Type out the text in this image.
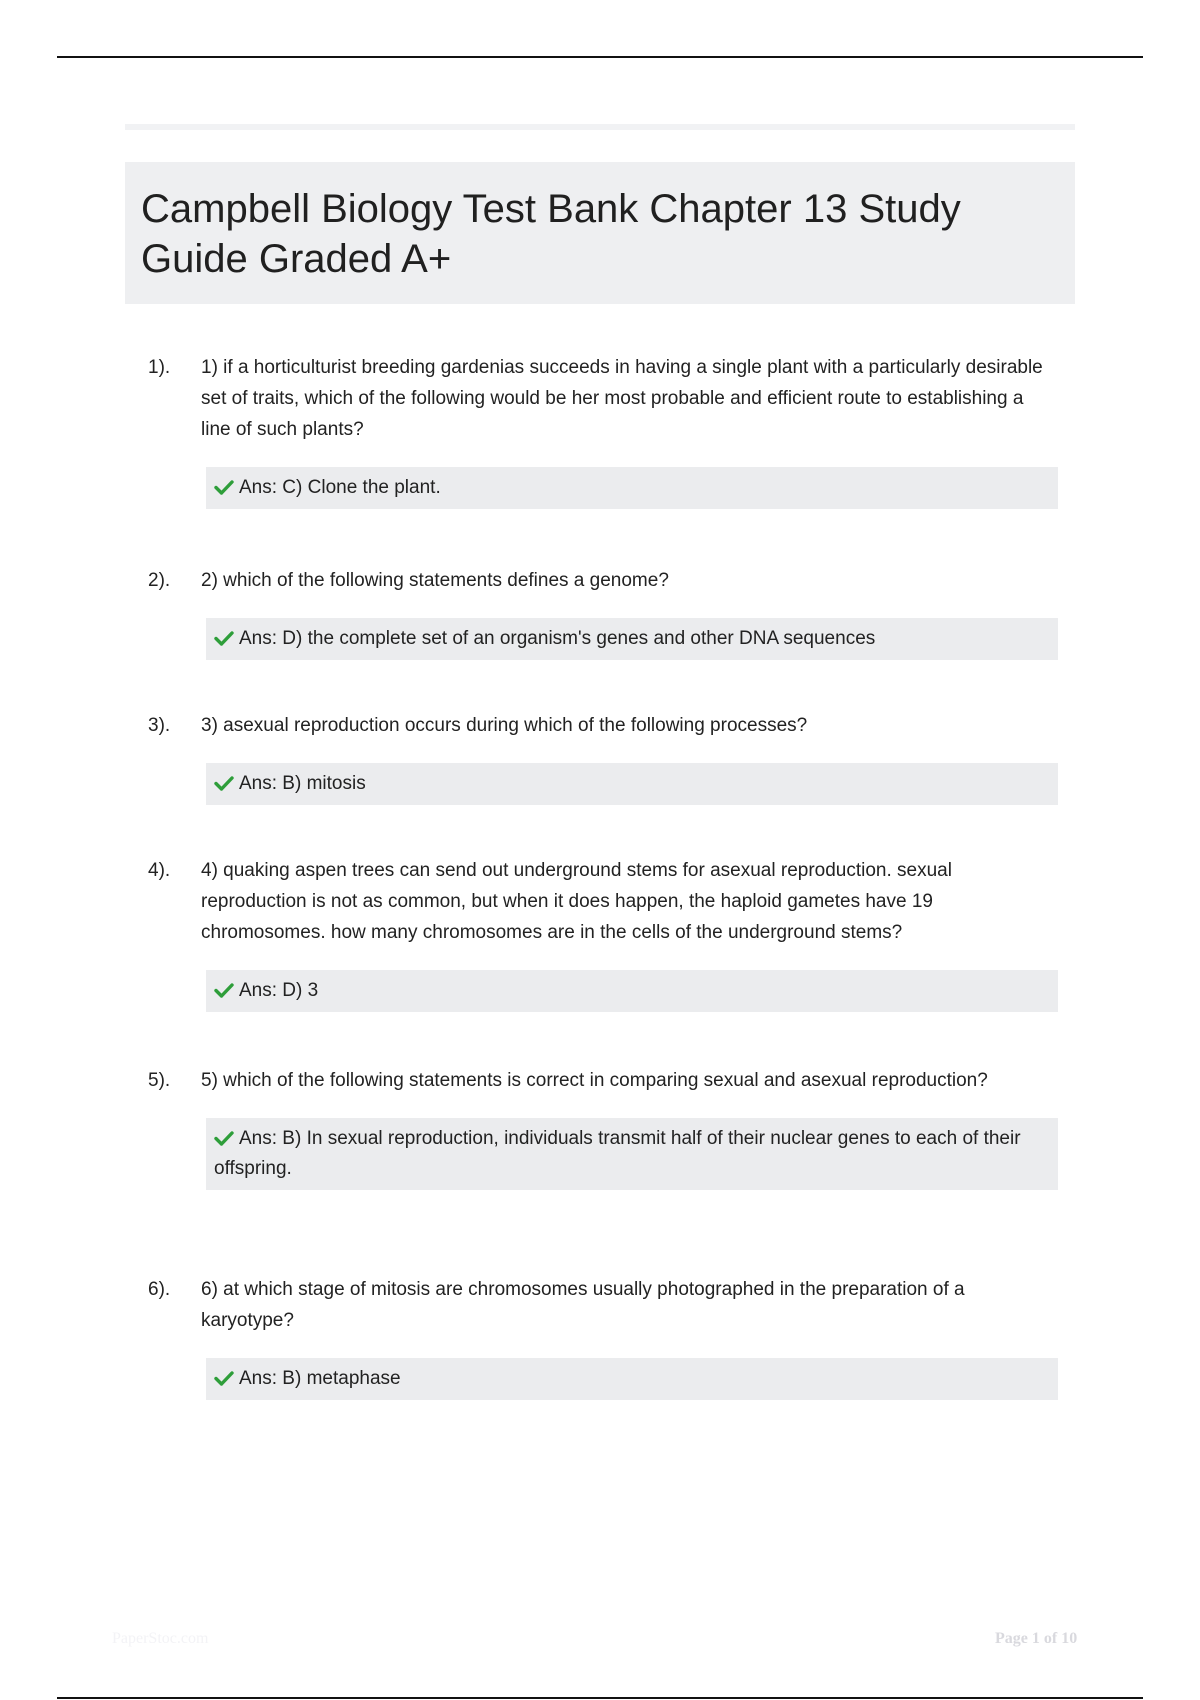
Campbell Biology Test Bank Chapter 13 Study Guide Graded A+
1). 1) if a horticulturist breeding gardenias succeeds in having a single plant with a particularly desirable set of traits, which of the following would be her most probable and efficient route to establishing a line of such plants?
Ans: C) Clone the plant.
2). 2) which of the following statements defines a genome?
Ans: D) the complete set of an organism's genes and other DNA sequences
3). 3) asexual reproduction occurs during which of the following processes?
Ans: B) mitosis
4). 4) quaking aspen trees can send out underground stems for asexual reproduction. sexual reproduction is not as common, but when it does happen, the haploid gametes have 19 chromosomes. how many chromosomes are in the cells of the underground stems?
Ans: D) 3
5). 5) which of the following statements is correct in comparing sexual and asexual reproduction?
Ans: B) In sexual reproduction, individuals transmit half of their nuclear genes to each of their offspring.
6). 6) at which stage of mitosis are chromosomes usually photographed in the preparation of a karyotype?
Ans: B) metaphase
PaperStoc.com	Page 1 of 10
